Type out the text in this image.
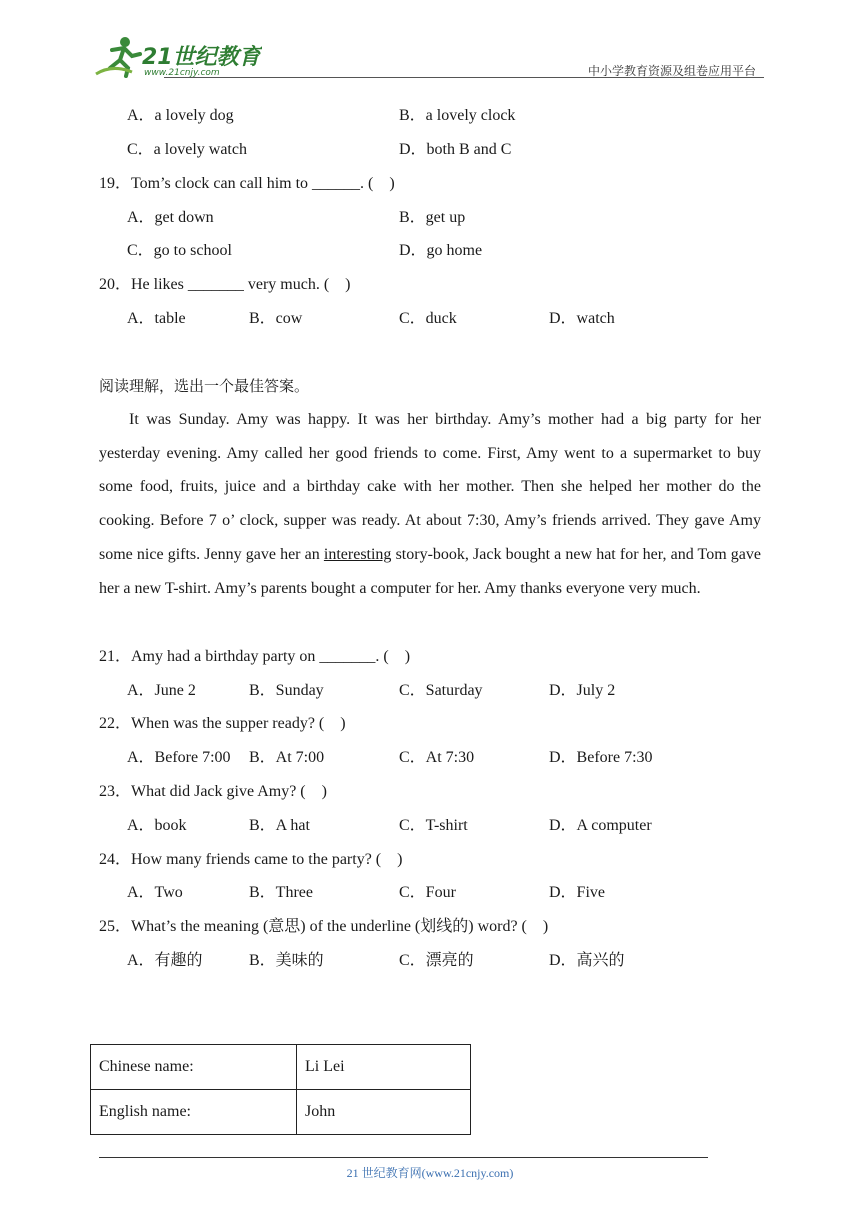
21世纪教育
www.21cnjy.com	中小学教育资源及组卷应用平台
A．a lovely dog	B．a lovely clock
C．a lovely watch	D．both B and C
19．Tom’s clock can call him to ______. (　)
A．get down	B．get up
C．go to school	D．go home
20．He likes _______ very much. (　)
A．table	B．cow	C．duck	D．watch
阅读理解，选出一个最佳答案。

It was Sunday. Amy was happy. It was her birthday. Amy’s mother had a big party for her yesterday evening. Amy called her good friends to come. First, Amy went to a supermarket to buy some food, fruits, juice and a birthday cake with her mother. Then she helped her mother do the cooking. Before 7 o’ clock, supper was ready. At about 7:30, Amy’s friends arrived. They gave Amy some nice gifts. Jenny gave her an interesting story-book, Jack bought a new hat for her, and Tom gave her a new T-shirt. Amy’s parents bought a computer for her. Amy thanks everyone very much.

21．Amy had a birthday party on _______. (　)
A．June 2	B．Sunday	C．Saturday	D．July 2
22．When was the supper ready? (　)
A．Before 7:00 B．At 7:00	C．At 7:30	D．Before 7:30
23．What did Jack give Amy? (　)
A．book	B．A hat	C．T-shirt	D．A computer
24．How many friends came to the party? (　)
A．Two	B．Three	C．Four	D．Five
25．What’s the meaning (意思) of the underline (划线的) word? (　)
A．有趣的	B．美味的	C．漂亮的	D．高兴的
Chinese name:	Li Lei
English name:	John
21 世纪教育网(www.21cnjy.com)
